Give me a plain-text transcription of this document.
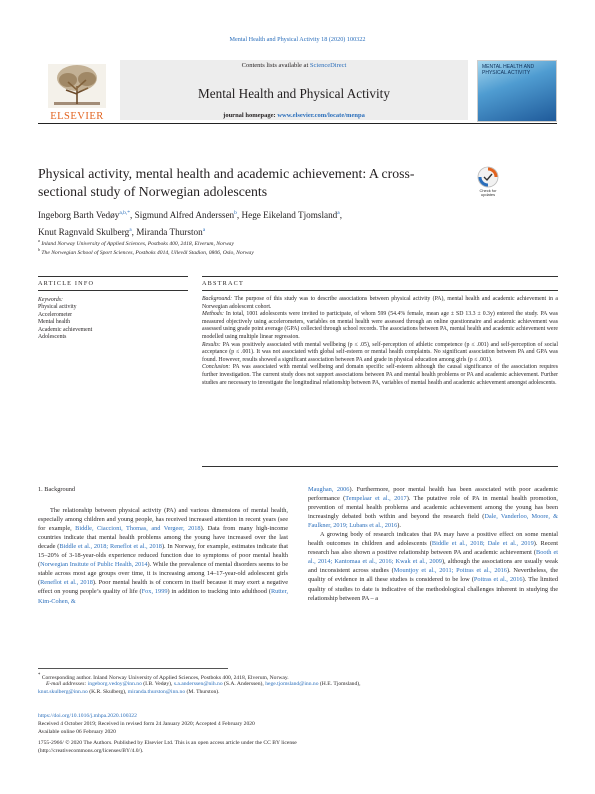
Mental Health and Physical Activity 18 (2020) 100322
ELSEVIER
Contents lists available at ScienceDirect
Mental Health and Physical Activity
journal homepage: www.elsevier.com/locate/menpa
MENTAL HEALTH AND PHYSICAL ACTIVITY
Physical activity, mental health and academic achievement: A cross-sectional study of Norwegian adolescents	Check for updates
Ingeborg Barth Vedøy$^{a,b,*}$, Sigmund Alfred Anderssen$^b$, Hege Eikeland Tjomsland$^a$,
Knut Ragnvald Skulberg$^a$, Miranda Thurston$^a$
$^a$ Inland Norway University of Applied Sciences, Postboks 400, 2418, Elverum, Norway
$^b$ The Norwegian School of Sport Sciences, Postboks 4014, Ullevål Stadion, 0806, Oslo, Norway
ARTICLE INFO	ABSTRACT
Keywords:
Physical activity
Accelerometer
Mental health
Academic achievement
Adolescents

Background: The purpose of this study was to describe associations between physical activity (PA), mental health and academic achievement in a Norwegian adolescent cohort.

Methods: In total, 1001 adolescents were invited to participate, of whom 599 (54.4% female, mean age ± SD 13.3 ± 0.3y) entered the study. PA was measured objectively using accelerometers, variables on mental health were assessed through an online questionnaire and academic achievement was assessed using grade point average (GPA) collected through school records. The associations between PA, mental health and academic achievement were modelled using multiple linear regression.

Results: PA was positively associated with mental wellbeing (p ≤ .05), self-perception of athletic competence (p ≤ .001) and self-perception of social acceptance (p ≤ .001). It was not associated with global self-esteem or mental health complaints. No significant association between PA and GPA was found. However, results showed a significant association between PA and grade in physical education among girls (p ≤ .001).

Conclusion: PA was associated with mental wellbeing and domain specific self-esteem although the causal significance of the association requires further investigation. The current study does not support associations between PA and mental health problems or PA and academic achievement. Further studies are necessary to investigate the longitudinal relationship between PA, variables of mental health and academic achievement amongst adolescents.

1. Background

The relationship between physical activity (PA) and various dimensions of mental health, especially among children and young people, has received increased attention in recent years (see for example, Biddle, Ciaccioni, Thomas, and Vergeer, 2018). Data from many high-income countries indicate that mental health problems among the young have increased over the last decade (Biddle et al., 2018; Reneflot et al., 2018). In Norway, for example, estimates indicate that 15–20% of 3-18-year-olds experience reduced function due to symptoms of poor mental health (Norwegian Insitute of Public Health, 2014). While the prevalence of mental disorders seems to be stable across most age groups over time, it is increasing among 14–17-year-old adolescent girls (Reneflot et al., 2018). Poor mental health is of concern in itself because it may exert a negative effect on young people’s quality of life (Fox, 1999) in addition to tracking into adulthood (Rutter, Kim-Cohen, &

Maughan, 2006). Furthermore, poor mental health has been associated with poor academic performance (Tempelaar et al., 2017). The putative role of PA in mental health promotion, prevention of mental health problems and academic achievement among the young has been increasingly debated both within and beyond the research field (Dale, Vanderloo, Moore, & Faulkner, 2019; Lubans et al., 2016).

A growing body of research indicates that PA may have a positive effect on some mental health outcomes in children and adolescents (Biddle et al., 2018; Dale et al., 2019). Recent research has also shown a positive relationship between PA and academic achievement (Booth et al., 2014; Kantomaa et al., 2016; Kwak et al., 2009), although the associations are usually weak and inconsistent across studies (Mountjoy et al., 2011; Poitras et al., 2016). Nevertheless, the quality of evidence in all these studies is considered to be low (Poitras et al., 2016). The limited quality of studies to date is indicative of the methodological challenges inherent in studying the relationship between PA – a

* Corresponding author. Inland Norway University of Applied Sciences, Postboks 400, 2418, Elverum, Norway.
E-mail addresses: ingeborg.vedoy@inn.no (I.B. Vedøy), s.a.anderssen@nih.no (S.A. Anderssen), hege.tjomsland@inn.no (H.E. Tjomsland),
knut.skulberg@inn.no (K.R. Skulberg), miranda.thurston@inn.no (M. Thurston).
https://doi.org/10.1016/j.mhpa.2020.100322
Received 4 October 2019; Received in revised form 24 January 2020; Accepted 4 February 2020
Available online 06 February 2020
1755-2966/ © 2020 The Authors. Published by Elsevier Ltd. This is an open access article under the CC BY license
(http://creativecommons.org/licenses/BY/4.0/).
